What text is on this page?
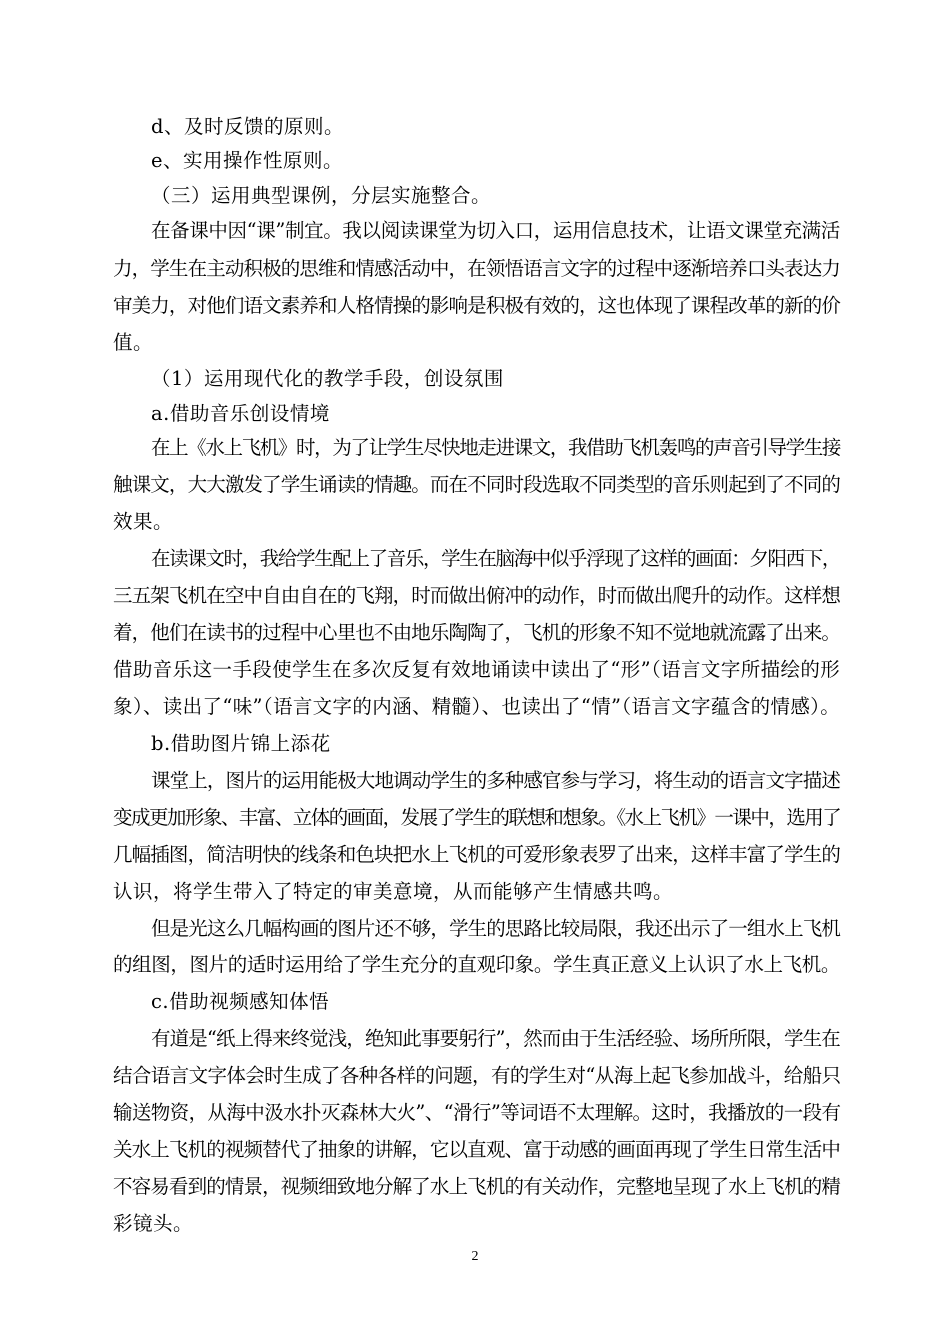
d、及时反馈的原则。
e、实用操作性原则。
（三）运用典型课例，分层实施整合。
在备课中因“课”制宜。我以阅读课堂为切入口，运用信息技术，让语文课堂充满活
力，学生在主动积极的思维和情感活动中，在领悟语言文字的过程中逐渐培养口头表达力
审美力，对他们语文素养和人格情操的影响是积极有效的，这也体现了课程改革的新的价
值。
（1）运用现代化的教学手段，创设氛围
a.借助音乐创设情境
在上《水上飞机》时，为了让学生尽快地走进课文，我借助飞机轰鸣的声音引导学生接
触课文，大大激发了学生诵读的情趣。而在不同时段选取不同类型的音乐则起到了不同的
效果。
在读课文时，我给学生配上了音乐，学生在脑海中似乎浮现了这样的画面：夕阳西下，
三五架飞机在空中自由自在的飞翔，时而做出俯冲的动作，时而做出爬升的动作。这样想
着，他们在读书的过程中心里也不由地乐陶陶了，飞机的形象不知不觉地就流露了出来。
借助音乐这一手段使学生在多次反复有效地诵读中读出了“形”（语言文字所描绘的形
象）、读出了“味”（语言文字的内涵、精髓）、也读出了“情”（语言文字蕴含的情感）。
b.借助图片锦上添花
课堂上，图片的运用能极大地调动学生的多种感官参与学习，将生动的语言文字描述
变成更加形象、丰富、立体的画面，发展了学生的联想和想象。《水上飞机》一课中，选用了
几幅插图，简洁明快的线条和色块把水上飞机的可爱形象表罗了出来，这样丰富了学生的
认识，将学生带入了特定的审美意境，从而能够产生情感共鸣。
但是光这么几幅构画的图片还不够，学生的思路比较局限，我还出示了一组水上飞机
的组图，图片的适时运用给了学生充分的直观印象。学生真正意义上认识了水上飞机。
c.借助视频感知体悟
有道是“纸上得来终觉浅，绝知此事要躬行”，然而由于生活经验、场所所限，学生在
结合语言文字体会时生成了各种各样的问题，有的学生对“从海上起飞参加战斗，给船只
输送物资，从海中汲水扑灭森林大火”、“滑行”等词语不太理解。这时，我播放的一段有
关水上飞机的视频替代了抽象的讲解，它以直观、富于动感的画面再现了学生日常生活中
不容易看到的情景，视频细致地分解了水上飞机的有关动作，完整地呈现了水上飞机的精
彩镜头。
2
